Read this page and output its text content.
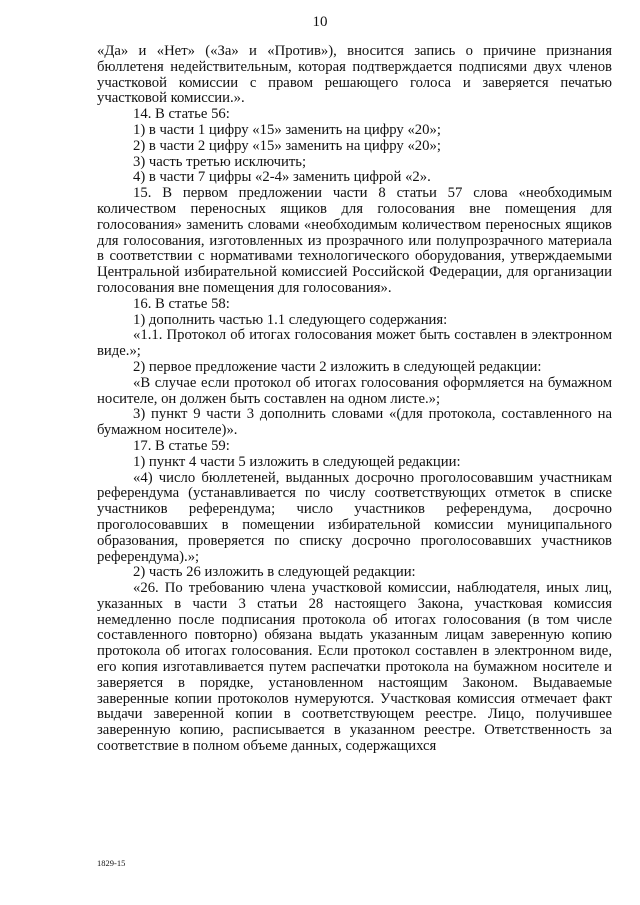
10

«Да» и «Нет» («За» и «Против»), вносится запись о причине признания бюллетеня недействительным, которая подтверждается подписями двух членов участковой комиссии с правом решающего голоса и заверяется печатью участковой комиссии.».

14. В статье 56:

1) в части 1 цифру «15» заменить на цифру «20»;

2) в части 2 цифру «15» заменить на цифру «20»;

3) часть третью исключить;

4) в части 7 цифры «2-4» заменить цифрой «2».

15. В первом предложении части 8 статьи 57 слова «необходимым количеством переносных ящиков для голосования вне помещения для голосования» заменить словами «необходимым количеством переносных ящиков для голосования, изготовленных из прозрачного или полупрозрачного материала в соответствии с нормативами технологического оборудования, утверждаемыми Центральной избирательной комиссией Российской Федерации, для организации голосования вне помещения для голосования».

16. В статье 58:

1) дополнить частью 1.1 следующего содержания:

«1.1. Протокол об итогах голосования может быть составлен в электронном виде.»;

2) первое предложение части 2 изложить в следующей редакции:

«В случае если протокол об итогах голосования оформляется на бумажном носителе, он должен быть составлен на одном листе.»;

3) пункт 9 части 3 дополнить словами «(для протокола, составленного на бумажном носителе)».

17. В статье 59:

1) пункт 4 части 5 изложить в следующей редакции:

«4) число бюллетеней, выданных досрочно проголосовавшим участникам референдума (устанавливается по числу соответствующих отметок в списке участников референдума; число участников референдума, досрочно проголосовавших в помещении избирательной комиссии муниципального образования, проверяется по списку досрочно проголосовавших участников референдума).»;

2) часть 26 изложить в следующей редакции:

«26. По требованию члена участковой комиссии, наблюдателя, иных лиц, указанных в части 3 статьи 28 настоящего Закона, участковая комиссия немедленно после подписания протокола об итогах голосования (в том числе составленного повторно) обязана выдать указанным лицам заверенную копию протокола об итогах голосования. Если протокол составлен в электронном виде, его копия изготавливается путем распечатки протокола на бумажном носителе и заверяется в порядке, установленном настоящим Законом. Выдаваемые заверенные копии протоколов нумеруются. Участковая комиссия отмечает факт выдачи заверенной копии в соответствующем реестре. Лицо, получившее заверенную копию, расписывается в указанном реестре. Ответственность за соответствие в полном объеме данных, содержащихся

1829-15
